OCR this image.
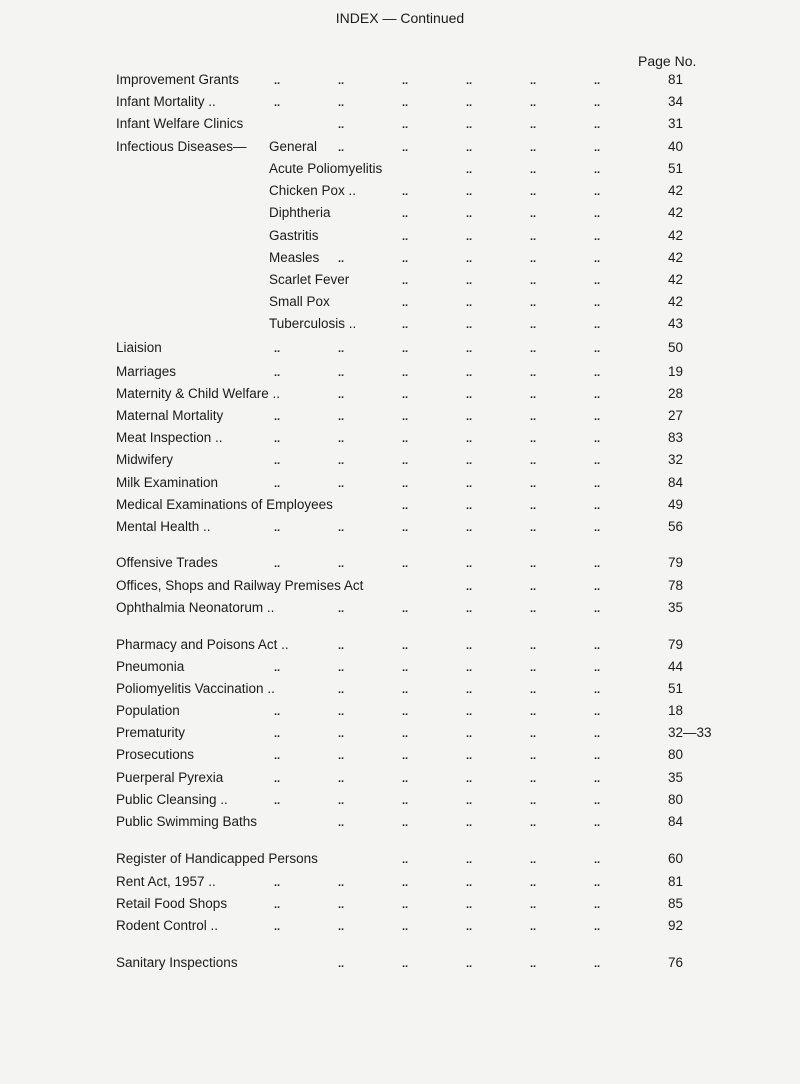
INDEX — Continued
Page No.
Improvement Grants	..	..	..	..	..	..	81
Infant Mortality ..	..	..	..	..	..	..	34
Infant Welfare Clinics	..	..	..	..	..	31
Infectious Diseases— General ..	..	..	..	..	40
Acute Poliomyelitis	..	..	..	51
Chicken Pox ..	..	..	..	..	42
Diphtheria	..	..	..	..	42
Gastritis	..	..	..	..	42
Measles ..	..	..	..	..	42
Scarlet Fever	..	..	..	..	42
Small Pox	..	..	..	..	42
Tuberculosis ..	..	..	..	..	43
Liaision	..	..	..	..	..	..	50
Marriages	..	..	..	..	..	..	19
Maternity & Child Welfare ..	..	..	..	..	..	28
Maternal Mortality	..	..	..	..	..	..	27
Meat Inspection ..	..	..	..	..	..	..	83
Midwifery	..	..	..	..	..	..	32
Milk Examination	..	..	..	..	..	..	84
Medical Examinations of Employees	..	..	..	..	49
Mental Health ..	..	..	..	..	..	..	56
Offensive Trades	..	..	..	..	..	..	79
Offices, Shops and Railway Premises Act	..	..	..	78
Ophthalmia Neonatorum ..	..	..	..	..	..	35
Pharmacy and Poisons Act ..	..	..	..	..	..	79
Pneumonia	..	..	..	..	..	..	44
Poliomyelitis Vaccination ..	..	..	..	..	..	51
Population	..	..	..	..	..	..	18
Prematurity	..	..	..	..	..	..	32—33
Prosecutions	..	..	..	..	..	..	80
Puerperal Pyrexia	..	..	..	..	..	..	35
Public Cleansing ..	..	..	..	..	..	..	80
Public Swimming Baths	..	..	..	..	..	84
Register of Handicapped Persons	..	..	..	..	60
Rent Act, 1957 ..	..	..	..	..	..	..	81
Retail Food Shops	..	..	..	..	..	..	85
Rodent Control ..	..	..	..	..	..	..	92
Sanitary Inspections	..	..	..	..	..	76
